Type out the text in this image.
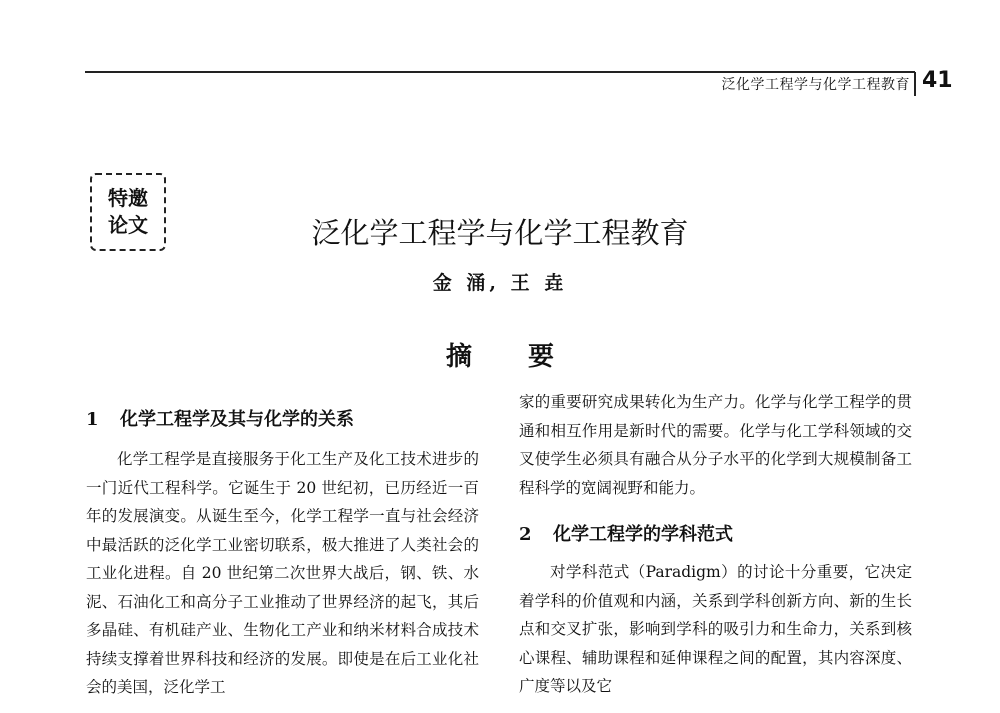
泛化学工程学与化学工程教育 41
特邀
论文	泛化学工程学与化学工程教育
金 涌, 王 垚
摘要
1 化学工程学及其与化学的关系

化学工程学是直接服务于化工生产及化工技术进步的一门近代工程科学。它诞生于 20 世纪初，已历经近一百年的发展演变。从诞生至今，化学工程学一直与社会经济中最活跃的泛化学工业密切联系，极大推进了人类社会的工业化进程。自 20 世纪第二次世界大战后，钢、铁、水泥、石油化工和高分子工业推动了世界经济的起飞，其后多晶硅、有机硅产业、生物化工产业和纳米材料合成技术持续支撑着世界科技和经济的发展。即使是在后工业化社会的美国，泛化学工

家的重要研究成果转化为生产力。化学与化学工程学的贯通和相互作用是新时代的需要。化学与化工学科领域的交叉使学生必须具有融合从分子水平的化学到大规模制备工程科学的宽阔视野和能力。

2 化学工程学的学科范式

对学科范式（Paradigm）的讨论十分重要，它决定着学科的价值观和内涵，关系到学科创新方向、新的生长点和交叉扩张，影响到学科的吸引力和生命力，关系到核心课程、辅助课程和延伸课程之间的配置，其内容深度、广度等以及它
